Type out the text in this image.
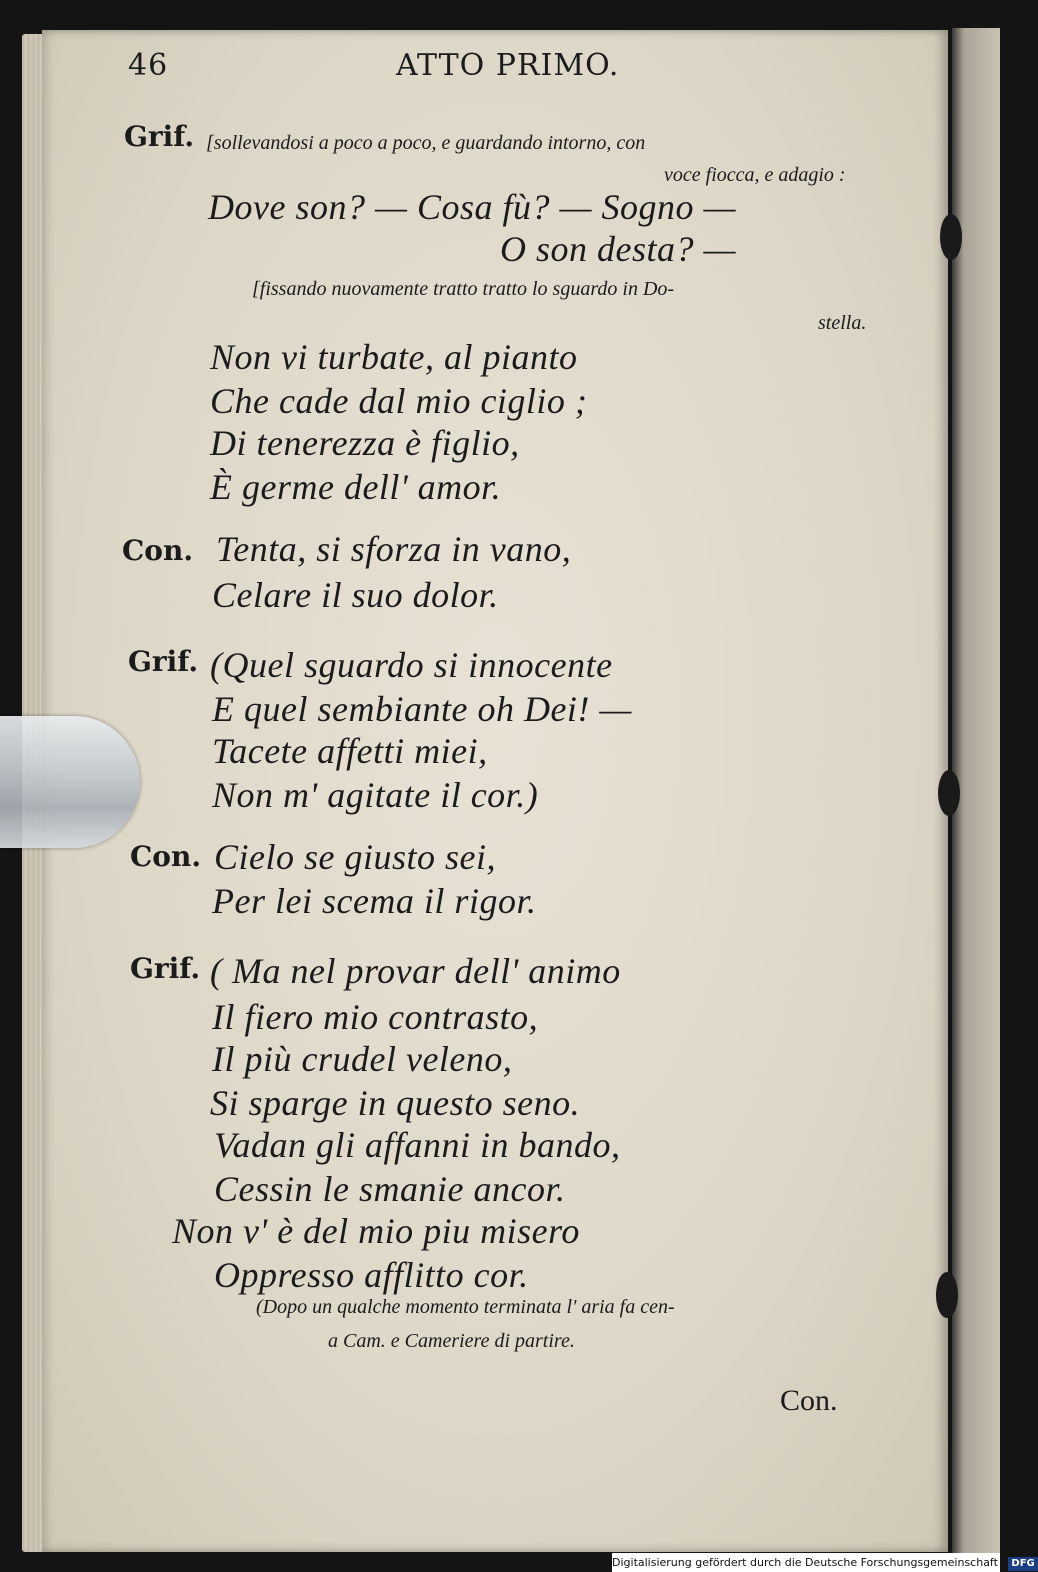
46	ATTO PRIMO.
Grif.
Con.
Grif.
Con.
Grif.
[sollevandosi a poco a poco, e guardando intorno, con
voce fiocca, e adagio :
Dove son? — Cosa fù? — Sogno —
O son desta? —
[fissando nuovamente tratto tratto lo sguardo in Do-
stella.
Non vi turbate, al pianto
Che cade dal mio ciglio ;
Di tenerezza è figlio,
È germe dell' amor.
Tenta, si sforza in vano,
Celare il suo dolor.
(Quel sguardo si innocente
E quel sembiante oh Dei! —
Tacete affetti miei,
Non m' agitate il cor.)
Cielo se giusto sei,
Per lei scema il rigor.
( Ma nel provar dell' animo
Il fiero mio contrasto,
Il più crudel veleno,
Si sparge in questo seno.
Vadan gli affanni in bando,
Cessin le smanie ancor.
Non v' è del mio piu misero
Oppresso afflitto cor.
(Dopo un qualche momento terminata l' aria fa cen-
a Cam. e Cameriere di partire.
Con.
Digitalisierung gefördert durch die Deutsche Forschungsgemeinschaft - DFG
